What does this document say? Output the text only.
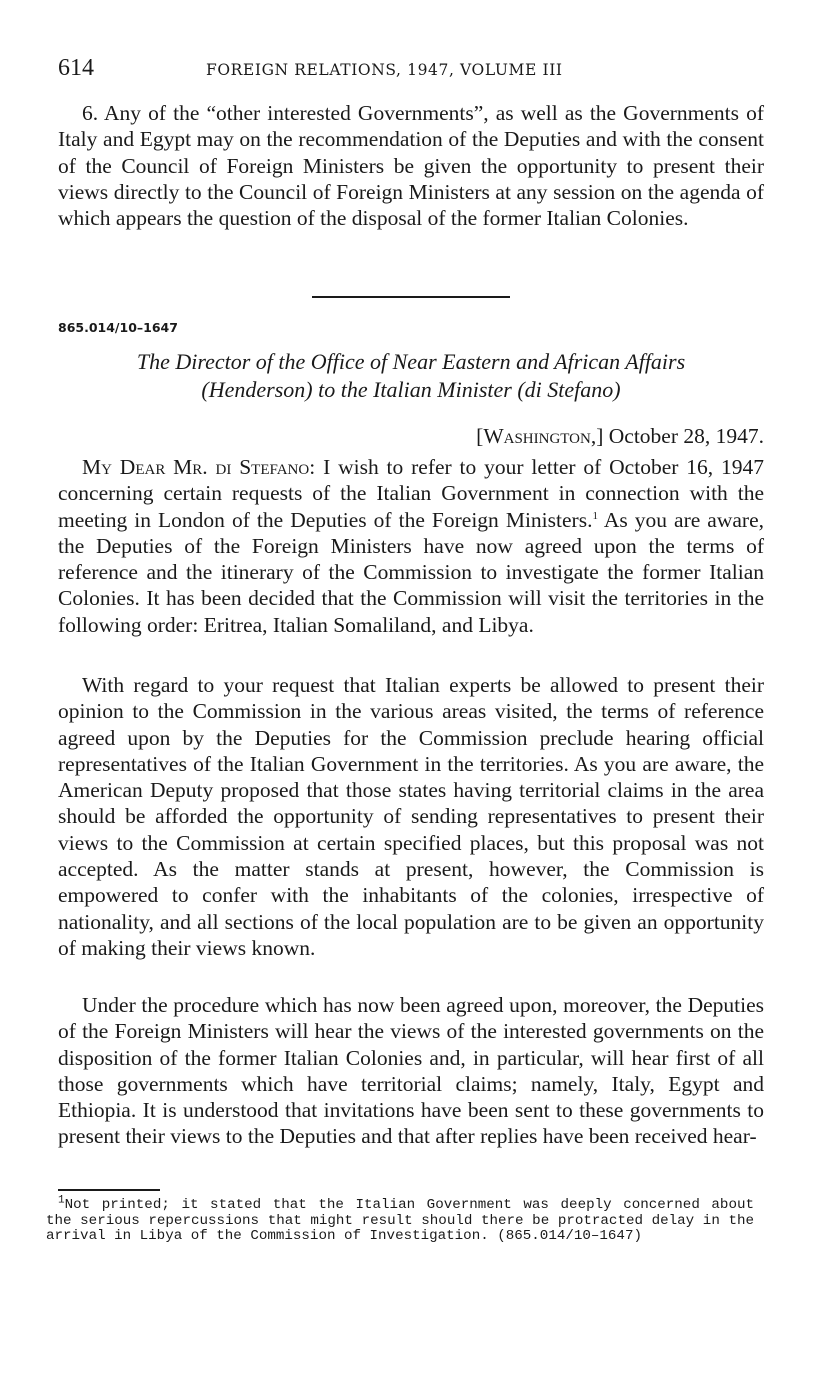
614	FOREIGN RELATIONS, 1947, VOLUME III

6. Any of the “other interested Governments”, as well as the Governments of Italy and Egypt may on the recommendation of the Deputies and with the consent of the Council of Foreign Ministers be given the opportunity to present their views directly to the Council of Foreign Ministers at any session on the agenda of which appears the question of the disposal of the former Italian Colonies.

865.014/10–1647
The Director of the Office of Near Eastern and African Affairs
(Henderson) to the Italian Minister (di Stefano)
[Washington,] October 28, 1947.

My Dear Mr. di Stefano: I wish to refer to your letter of October 16, 1947 concerning certain requests of the Italian Government in connection with the meeting in London of the Deputies of the Foreign Ministers.$^1$ As you are aware, the Deputies of the Foreign Ministers have now agreed upon the terms of reference and the itinerary of the Commission to investigate the former Italian Colonies. It has been decided that the Commission will visit the territories in the following order: Eritrea, Italian Somaliland, and Libya.

With regard to your request that Italian experts be allowed to present their opinion to the Commission in the various areas visited, the terms of reference agreed upon by the Deputies for the Commission preclude hearing official representatives of the Italian Government in the territories. As you are aware, the American Deputy proposed that those states having territorial claims in the area should be afforded the opportunity of sending representatives to present their views to the Commission at certain specified places, but this proposal was not accepted. As the matter stands at present, however, the Commission is empowered to confer with the inhabitants of the colonies, irrespective of nationality, and all sections of the local population are to be given an opportunity of making their views known.

Under the procedure which has now been agreed upon, moreover, the Deputies of the Foreign Ministers will hear the views of the interested governments on the disposition of the former Italian Colonies and, in particular, will hear first of all those governments which have territorial claims; namely, Italy, Egypt and Ethiopia. It is understood that invitations have been sent to these governments to present their views to the Deputies and that after replies have been received hear-

$^1$Not printed; it stated that the Italian Government was deeply concerned about the serious repercussions that might result should there be protracted delay in the arrival in Libya of the Commission of Investigation. (865.014/10–1647)
